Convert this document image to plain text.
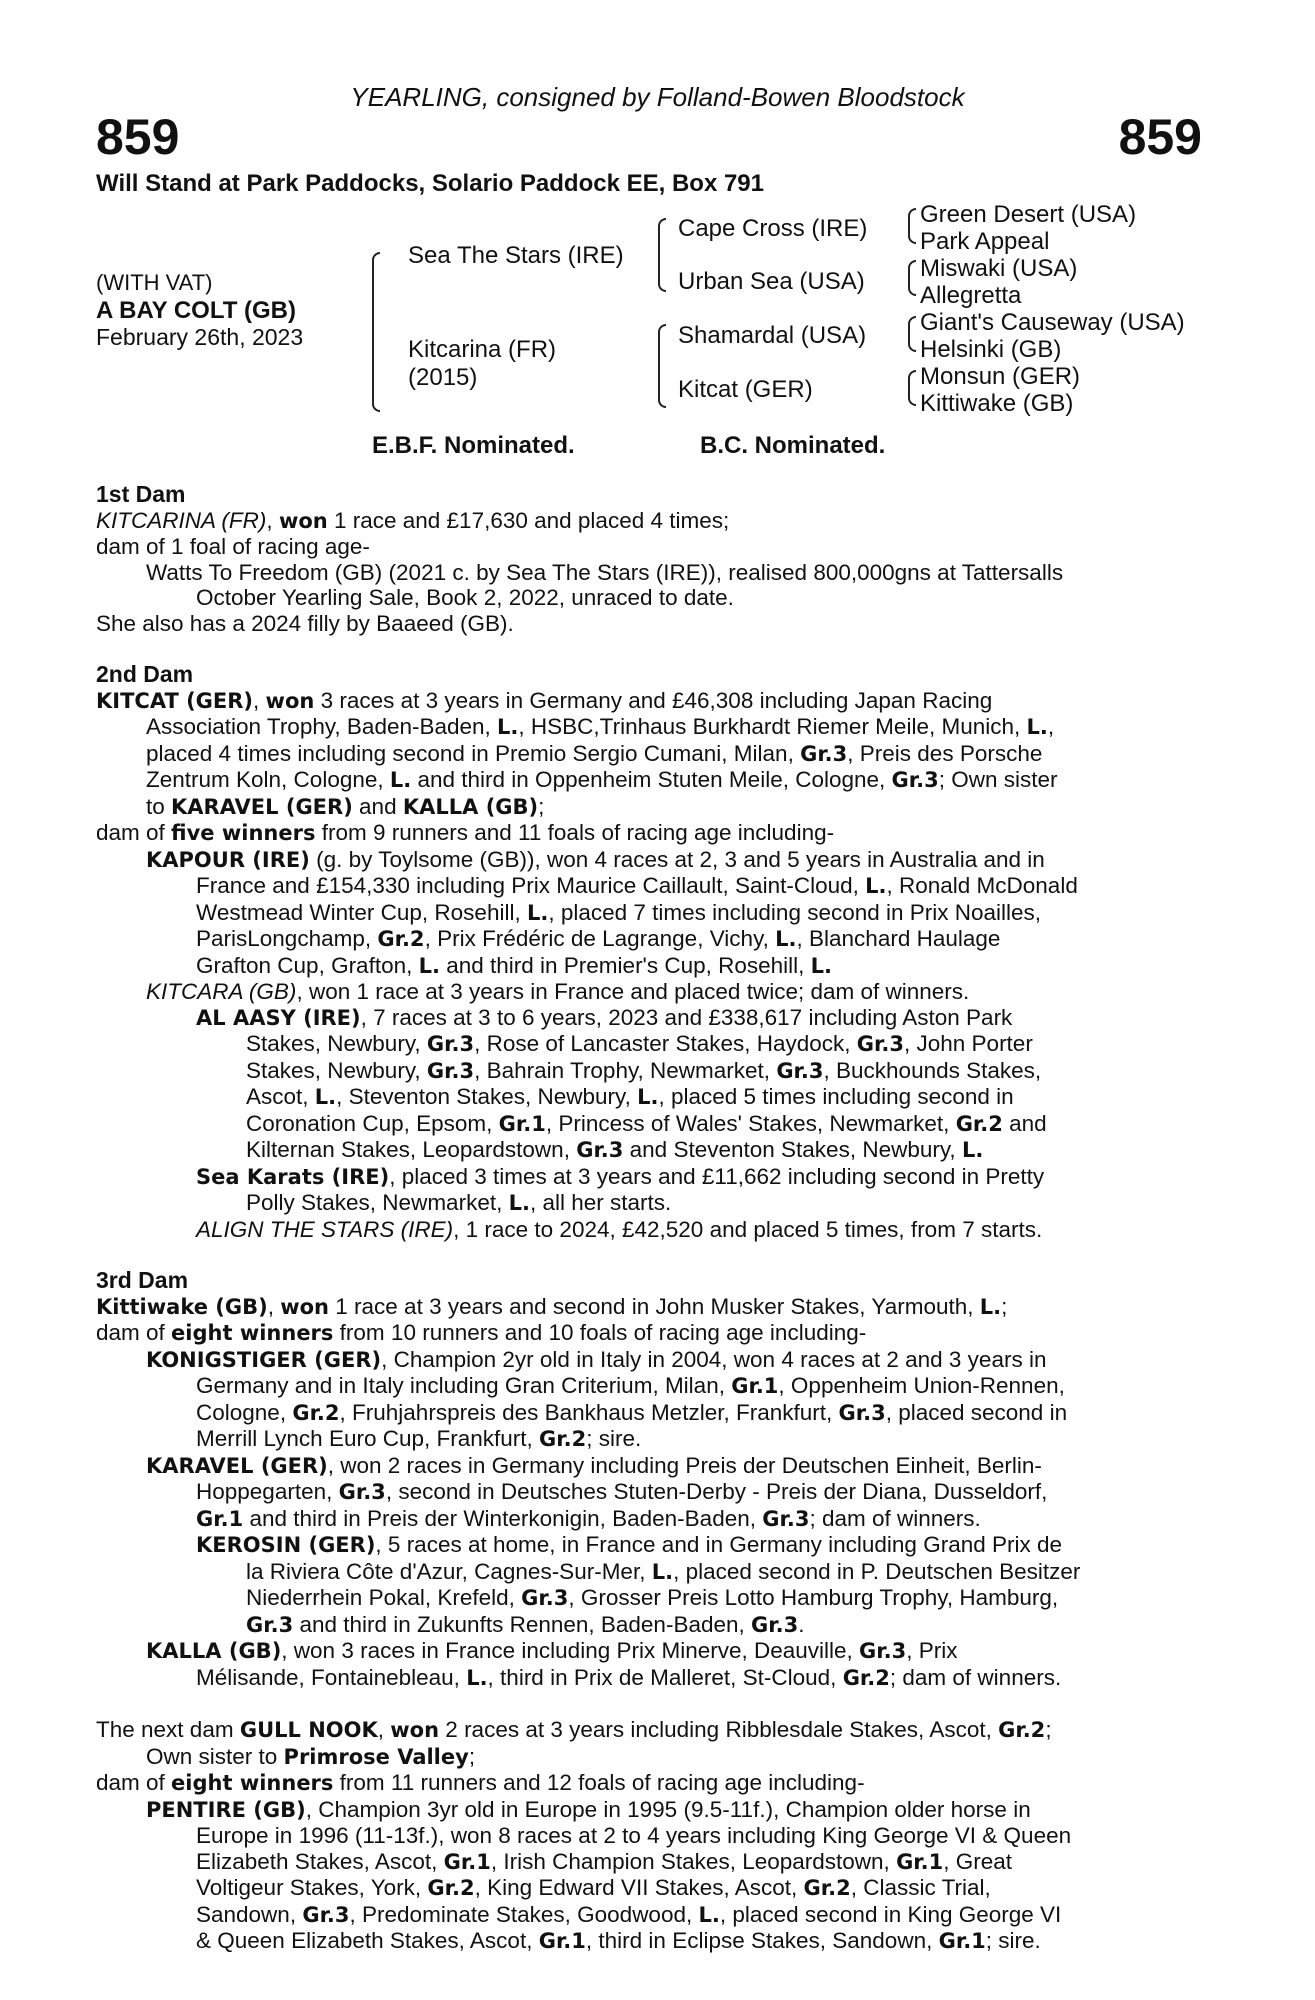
859	859
YEARLING, consigned by Folland-Bowen Bloodstock
Will Stand at Park Paddocks, Solario Paddock EE, Box 791
(WITH VAT)
A BAY COLT (GB)
February 26th, 2023
Sea The Stars (IRE)
Kitcarina (FR)
(2015)
Cape Cross (IRE)
Urban Sea (USA)
Shamardal (USA)
Kitcat (GER)
Green Desert (USA)
Park Appeal
Miswaki (USA)
Allegretta
Giant's Causeway (USA)
Helsinki (GB)
Monsun (GER)
Kittiwake (GB)
E.B.F. Nominated.	B.C. Nominated.
1st Dam
KITCARINA (FR), won 1 race and £17,630 and placed 4 times;
dam of 1 foal of racing age-
Watts To Freedom (GB) (2021 c. by Sea The Stars (IRE)), realised 800,000gns at Tattersalls
October Yearling Sale, Book 2, 2022, unraced to date.
She also has a 2024 filly by Baaeed (GB).
2nd Dam
KITCAT (GER), won 3 races at 3 years in Germany and £46,308 including Japan Racing
Association Trophy, Baden-Baden, L., HSBC,Trinhaus Burkhardt Riemer Meile, Munich, L.,
placed 4 times including second in Premio Sergio Cumani, Milan, Gr.3, Preis des Porsche
Zentrum Koln, Cologne, L. and third in Oppenheim Stuten Meile, Cologne, Gr.3; Own sister
to KARAVEL (GER) and KALLA (GB);
dam of five winners from 9 runners and 11 foals of racing age including-
KAPOUR (IRE) (g. by Toylsome (GB)), won 4 races at 2, 3 and 5 years in Australia and in
France and £154,330 including Prix Maurice Caillault, Saint-Cloud, L., Ronald McDonald
Westmead Winter Cup, Rosehill, L., placed 7 times including second in Prix Noailles,
ParisLongchamp, Gr.2, Prix Frédéric de Lagrange, Vichy, L., Blanchard Haulage
Grafton Cup, Grafton, L. and third in Premier's Cup, Rosehill, L.
KITCARA (GB), won 1 race at 3 years in France and placed twice; dam of winners.
AL AASY (IRE), 7 races at 3 to 6 years, 2023 and £338,617 including Aston Park
Stakes, Newbury, Gr.3, Rose of Lancaster Stakes, Haydock, Gr.3, John Porter
Stakes, Newbury, Gr.3, Bahrain Trophy, Newmarket, Gr.3, Buckhounds Stakes,
Ascot, L., Steventon Stakes, Newbury, L., placed 5 times including second in
Coronation Cup, Epsom, Gr.1, Princess of Wales' Stakes, Newmarket, Gr.2 and
Kilternan Stakes, Leopardstown, Gr.3 and Steventon Stakes, Newbury, L.
Sea Karats (IRE), placed 3 times at 3 years and £11,662 including second in Pretty
Polly Stakes, Newmarket, L., all her starts.
ALIGN THE STARS (IRE), 1 race to 2024, £42,520 and placed 5 times, from 7 starts.
3rd Dam
Kittiwake (GB), won 1 race at 3 years and second in John Musker Stakes, Yarmouth, L.;
dam of eight winners from 10 runners and 10 foals of racing age including-
KONIGSTIGER (GER), Champion 2yr old in Italy in 2004, won 4 races at 2 and 3 years in
Germany and in Italy including Gran Criterium, Milan, Gr.1, Oppenheim Union-Rennen,
Cologne, Gr.2, Fruhjahrspreis des Bankhaus Metzler, Frankfurt, Gr.3, placed second in
Merrill Lynch Euro Cup, Frankfurt, Gr.2; sire.
KARAVEL (GER), won 2 races in Germany including Preis der Deutschen Einheit, Berlin-
Hoppegarten, Gr.3, second in Deutsches Stuten-Derby - Preis der Diana, Dusseldorf,
Gr.1 and third in Preis der Winterkonigin, Baden-Baden, Gr.3; dam of winners.
KEROSIN (GER), 5 races at home, in France and in Germany including Grand Prix de
la Riviera Côte d'Azur, Cagnes-Sur-Mer, L., placed second in P. Deutschen Besitzer
Niederrhein Pokal, Krefeld, Gr.3, Grosser Preis Lotto Hamburg Trophy, Hamburg,
Gr.3 and third in Zukunfts Rennen, Baden-Baden, Gr.3.
KALLA (GB), won 3 races in France including Prix Minerve, Deauville, Gr.3, Prix
Mélisande, Fontainebleau, L., third in Prix de Malleret, St-Cloud, Gr.2; dam of winners.
The next dam GULL NOOK, won 2 races at 3 years including Ribblesdale Stakes, Ascot, Gr.2;
Own sister to Primrose Valley;
dam of eight winners from 11 runners and 12 foals of racing age including-
PENTIRE (GB), Champion 3yr old in Europe in 1995 (9.5-11f.), Champion older horse in
Europe in 1996 (11-13f.), won 8 races at 2 to 4 years including King George VI & Queen
Elizabeth Stakes, Ascot, Gr.1, Irish Champion Stakes, Leopardstown, Gr.1, Great
Voltigeur Stakes, York, Gr.2, King Edward VII Stakes, Ascot, Gr.2, Classic Trial,
Sandown, Gr.3, Predominate Stakes, Goodwood, L., placed second in King George VI
& Queen Elizabeth Stakes, Ascot, Gr.1, third in Eclipse Stakes, Sandown, Gr.1; sire.
